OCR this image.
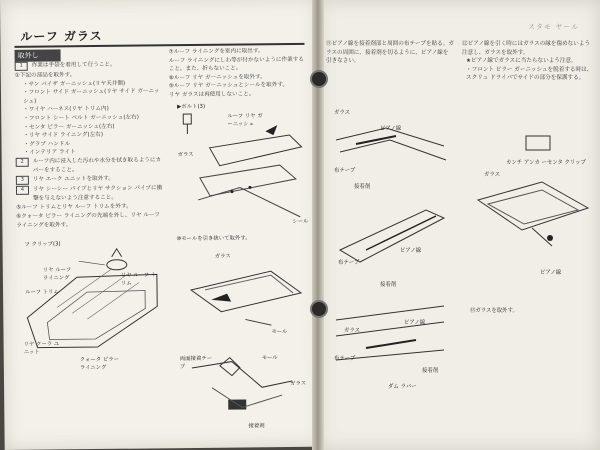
ルーフ ガラス
取外し
1	作業は手袋を着用して行うこと。
①下記の部品を取外す。
・サン バイザ ガーニッシュ(リヤ天井側)
・フロント サイド ガーニッシュ(リヤ サイド ガーニッシュ)
・ワイヤ ハーネス(リヤ トリム内)
・フロント シート ベルト ガーニッシュ(左右)
・センタ ピラー ガーニッシュ(左右)
・リヤ サイド ライニング(左右)
・グラブ ハンドル
・インテリア ライト
2	ルーフ内に浸入した汚れや水分を拭き取るようにカバーをすること。
3	リヤ エーク ユニットを取外す。
4	リヤ シーシー パイプとリヤ サクション パイプに衝撃を与えないよう注意すること。
⑤ルーフ トリムとリヤ ルーフ トリムを外す。
⑥クォータ ピラー ライニングの先端を外し、リヤ ルーフ ライニングを取外す。
ツ クリップ(3)
リヤ ルーフ ライニング	リヤ ルーフ トリム
ルーフ トリム
リヤ クーラ ユニット
クォータ ピラー ライニング
⑦ルーフ ライニングを室内に取出す。
ルーフ ライニングにしわ等が付かないように作業すること。また、折らないこと。
⑧ルーフ リヤ ガーニッシュを取外す。
⑨ルーフ リヤ ガーニッシュとシールを取外す。
リヤ ガラスは再使用しないこと。
▶ボルト(3)
ルーフ リヤ ガーニッシュ
ガラス
シール
⑩モールを引き抜いて取外す。
ガラス
モール
両面接着テープ
モール
ガラス
接着剤
スタモ ヤール
⑪ピアノ線を接着剤部と周囲の布テープを貼る。ガラスの周囲に、接着剤を切るように、ピアノ線を引きなさい。
ガラス
ピアノ線
布テープ
接着剤
布テープ
ピアノ線
接着剤
ガラス
ピアノ線
布テープ
接着剤
ダム ラバー
⑫ピアノ線を引く時にはガラスの縁を傷めないよう注意し、ガラスを取外す。
★ピアノ線でガラスに当たらないよう注意。
・フロント ピラー ガーニッシュを脱着する時は、スクリュ ドライバでサイドの部分を保護する。
カンチ アンカ ーセンタ クリップ
ガラス
ピアノ線
⑬ガラスを取外す。
